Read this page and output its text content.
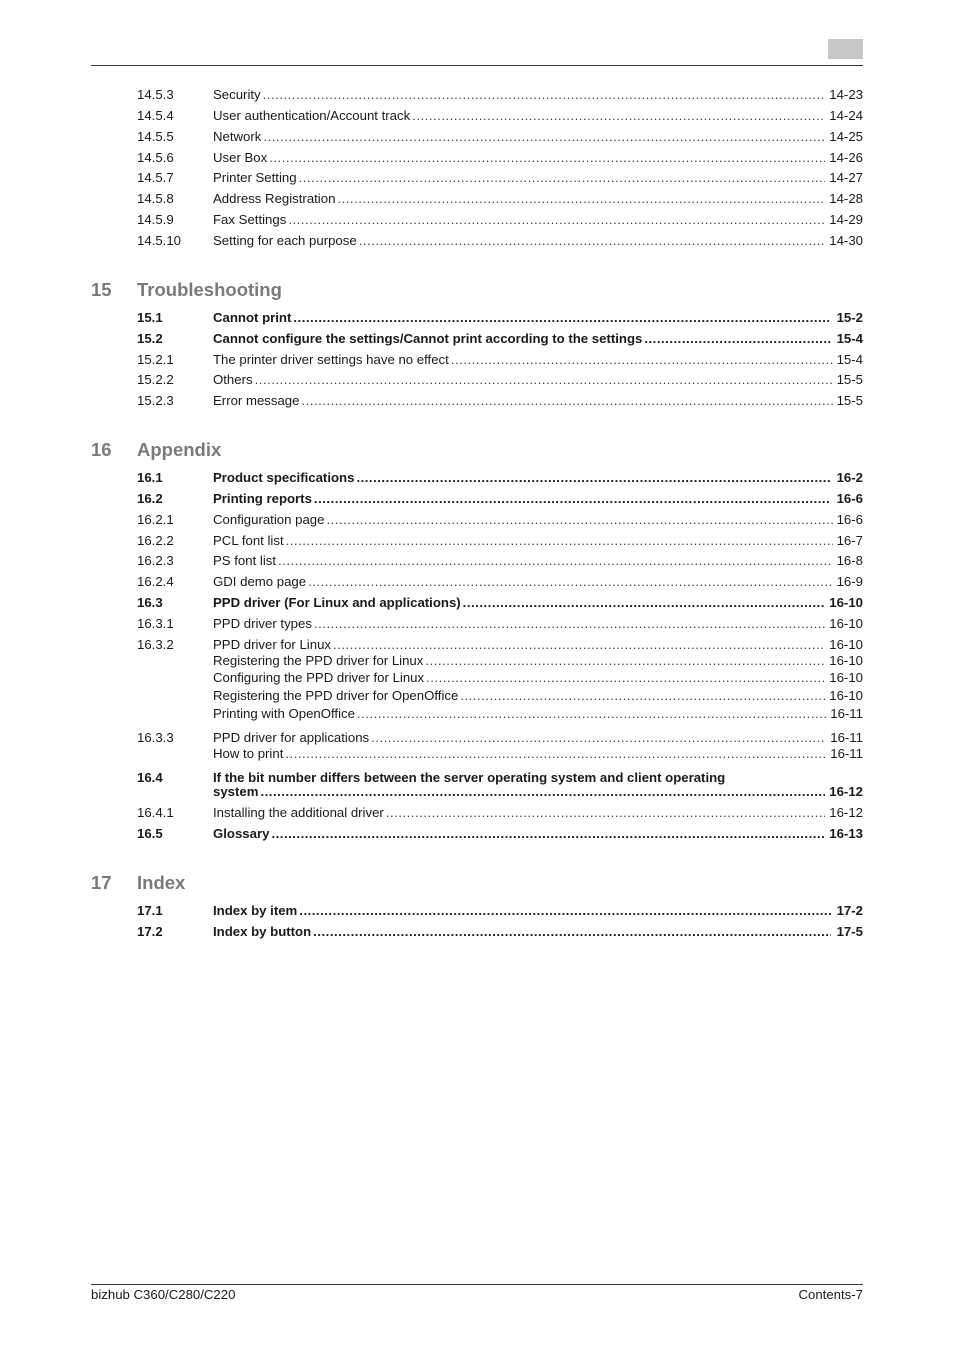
14.5.3	Security .....	14-23
14.5.4	User authentication/Account track .....	14-24
14.5.5	Network .....	14-25
14.5.6	User Box .....	14-26
14.5.7	Printer Setting .....	14-27
14.5.8	Address Registration .....	14-28
14.5.9	Fax Settings .....	14-29
14.5.10 Setting for each purpose .....	14-30
15 Troubleshooting
15.1	Cannot print .....	15-2
15.2	Cannot configure the settings/Cannot print according to the settings .....	15-4
15.2.1	The printer driver settings have no effect .....	15-4
15.2.2	Others .....	15-5
15.2.3	Error message .....	15-5
16 Appendix
16.1	Product specifications .....	16-2
16.2	Printing reports .....	16-6
16.2.1	Configuration page .....	16-6
16.2.2	PCL font list .....	16-7
16.2.3	PS font list .....	16-8
16.2.4	GDI demo page .....	16-9
16.3	PPD driver (For Linux and applications) .....	16-10
16.3.1	PPD driver types .....	16-10
16.3.2	PPD driver for Linux .....	16-10
Registering the PPD driver for Linux .....	16-10
Configuring the PPD driver for Linux .....	16-10
Registering the PPD driver for OpenOffice .....	16-10
Printing with OpenOffice .....	16-11
16.3.3	PPD driver for applications .....	16-11
How to print .....	16-11
16.4	If the bit number differs between the server operating system and client operating
system .....	16-12
16.4.1	Installing the additional driver .....	16-12
16.5	Glossary .....	16-13
17 Index
17.1	Index by item .....	17-2
17.2	Index by button .....	17-5
bizhub C360/C280/C220	Contents-7
